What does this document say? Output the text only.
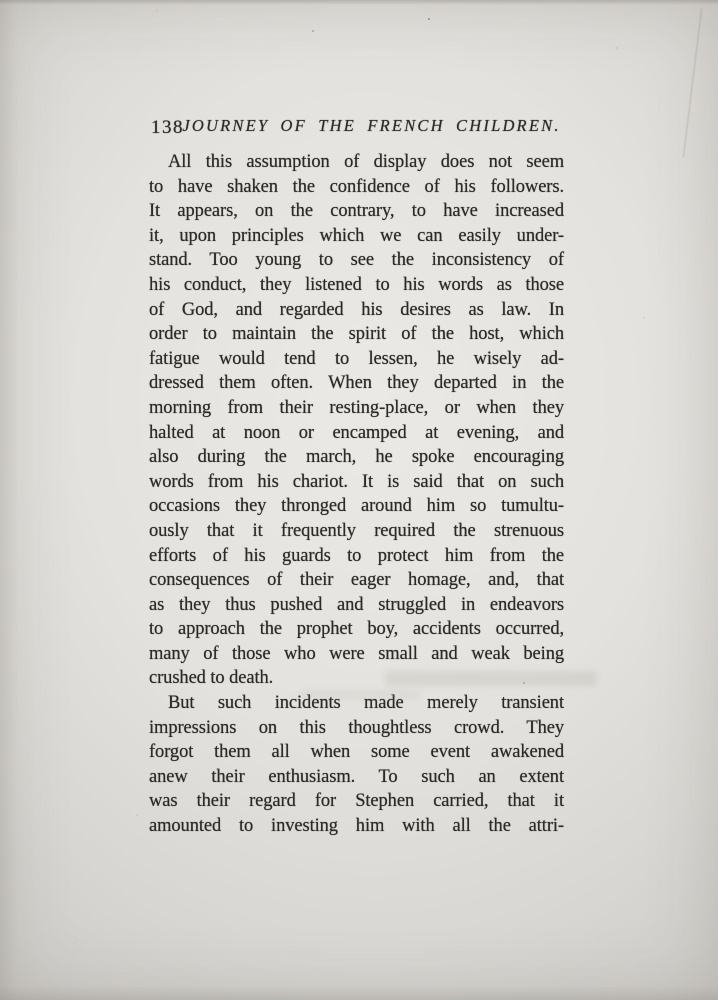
138
JOURNEY OF THE FRENCH CHILDREN.
All this assumption of display does not seem
to have shaken the confidence of his followers.
It appears, on the contrary, to have increased
it, upon principles which we can easily under-
stand. Too young to see the inconsistency of
his conduct, they listened to his words as those
of God, and regarded his desires as law. In
order to maintain the spirit of the host, which
fatigue would tend to lessen, he wisely ad-
dressed them often. When they departed in the
morning from their resting-place, or when they
halted at noon or encamped at evening, and
also during the march, he spoke encouraging
words from his chariot. It is said that on such
occasions they thronged around him so tumultu-
ously that it frequently required the strenuous
efforts of his guards to protect him from the
consequences of their eager homage, and, that
as they thus pushed and struggled in endeavors
to approach the prophet boy, accidents occurred,
many of those who were small and weak being
crushed to death.
But such incidents made merely transient
impressions on this thoughtless crowd. They
forgot them all when some event awakened
anew their enthusiasm. To such an extent
was their regard for Stephen carried, that it
amounted to investing him with all the attri-
